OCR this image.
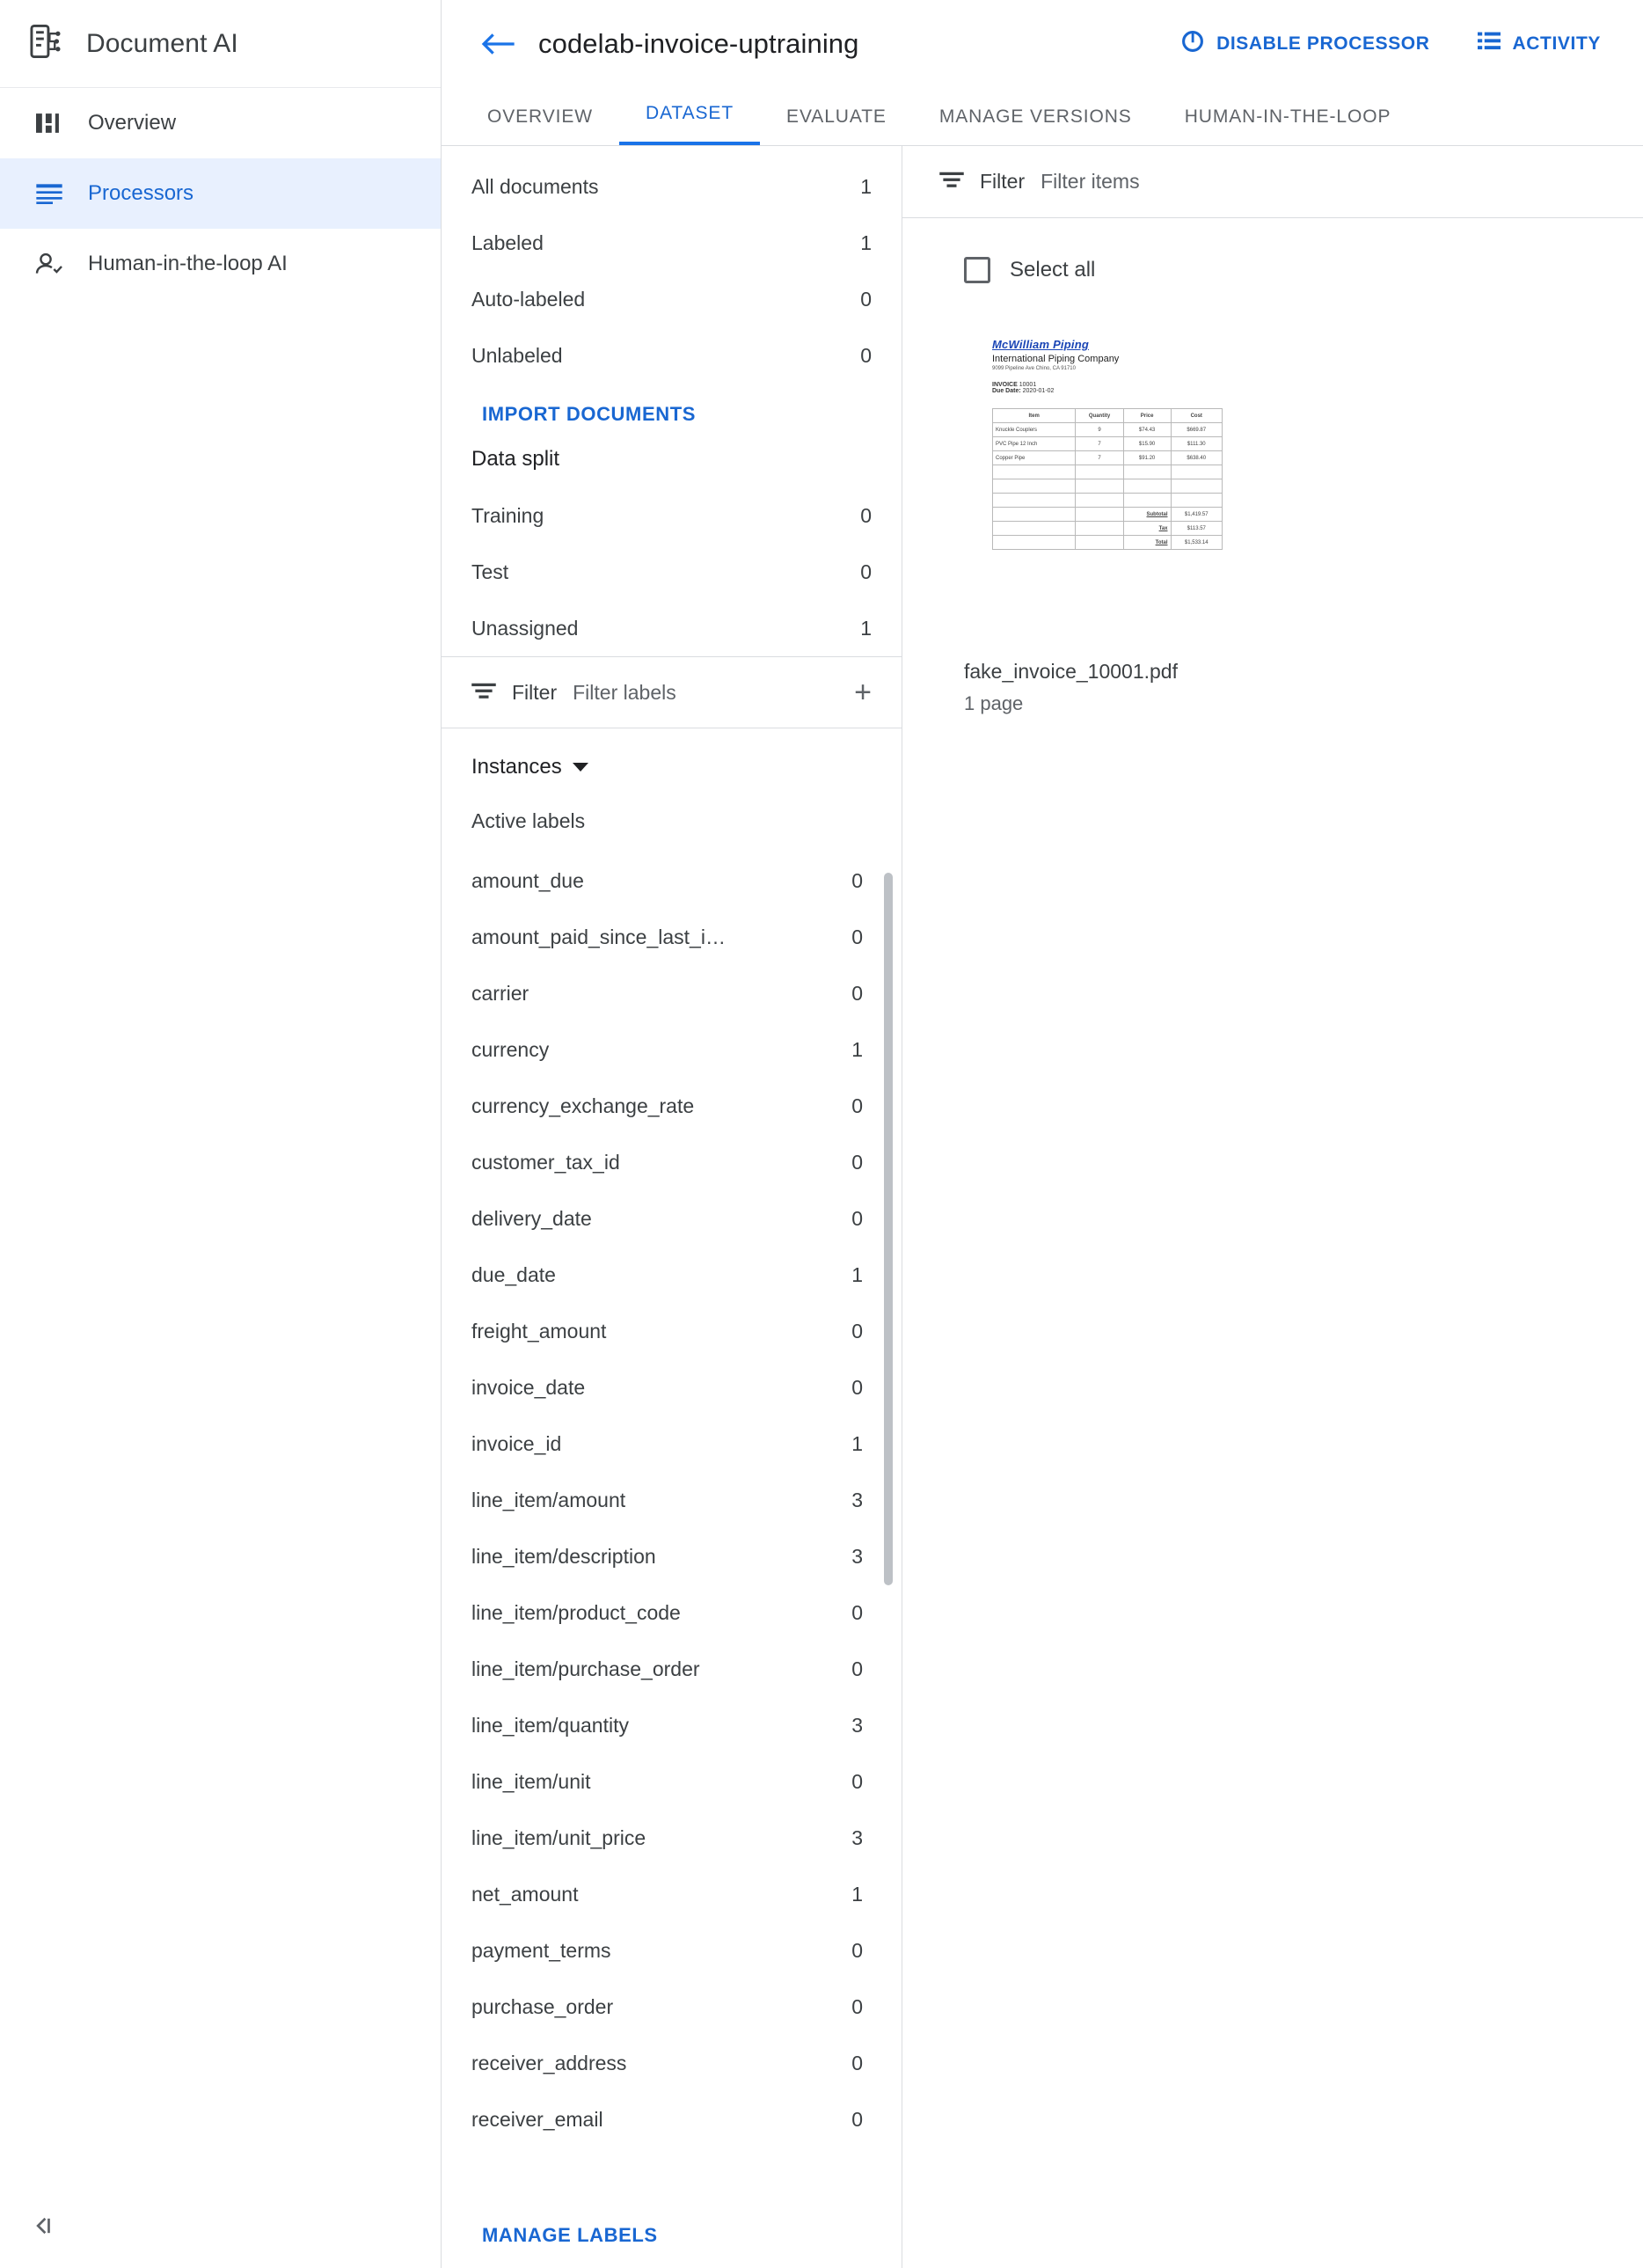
Document AI
Overview
Processors
Human-in-the-loop AI
codelab-invoice-uptraining	DISABLE PROCESSOR	ACTIVITY
OVERVIEW	DATASET	EVALUATE	MANAGE VERSIONS	HUMAN-IN-THE-LOOP
All documents	1
Labeled	1
Auto-labeled	0
Unlabeled	0
IMPORT DOCUMENTS
Data split
Training	0
Test	0
Unassigned	1
Filter Filter labels	+
Instances
Active labels
amount_due	0
amount_paid_since_last_i…	0
carrier	0
currency	1
currency_exchange_rate	0
customer_tax_id	0
delivery_date	0
due_date	1
freight_amount	0
invoice_date	0
invoice_id	1
line_item/amount	3
line_item/description	3
line_item/product_code	0
line_item/purchase_order	0
line_item/quantity	3
line_item/unit	0
line_item/unit_price	3
net_amount	1
payment_terms	0
purchase_order	0
receiver_address	0
receiver_email	0
MANAGE LABELS
Filter Filter items
Select all
McWilliam Piping
International Piping Company
9099 Pipeline Ave Chino, CA 91710
INVOICE 10001
Due Date: 2020-01-02
Item	Quantity	Price	Cost
Knuckle Couplers	9	$74.43	$669.87
PVC Pipe 12 Inch	7	$15.90	$111.30
Copper Pipe	7	$91.20	$638.40

		Subtotal	$1,419.57
		Tax	$113.57
		Total	$1,533.14
fake_invoice_10001.pdf
1 page
